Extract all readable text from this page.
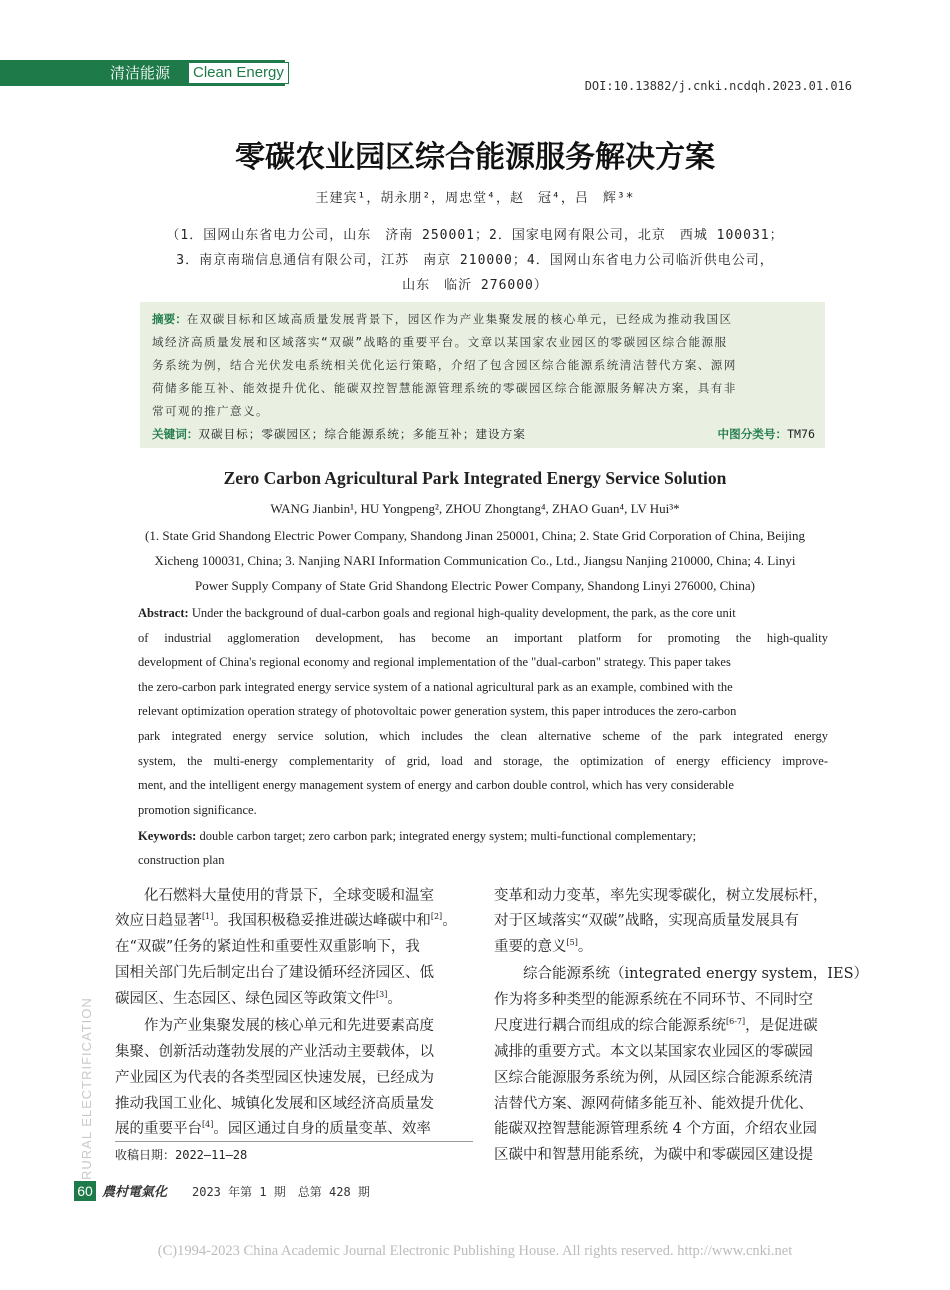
清洁能源	Clean Energy
DOI:10.13882/j.cnki.ncdqh.2023.01.016
零碳农业园区综合能源服务解决方案
王建宾¹，胡永朋²，周忠堂⁴，赵　冠⁴，吕　辉³*
（1．国网山东省电力公司，山东　济南 250001；2．国家电网有限公司，北京　西城 100031；
3．南京南瑞信息通信有限公司，江苏　南京 210000；4．国网山东省电力公司临沂供电公司，
山东　临沂 276000）
摘要：在双碳目标和区域高质量发展背景下，园区作为产业集聚发展的核心单元，已经成为推动我国区
域经济高质量发展和区域落实“双碳”战略的重要平台。文章以某国家农业园区的零碳园区综合能源服
务系统为例，结合光伏发电系统相关优化运行策略，介绍了包含园区综合能源系统清洁替代方案、源网
荷储多能互补、能效提升优化、能碳双控智慧能源管理系统的零碳园区综合能源服务解决方案，具有非
常可观的推广意义。
关键词：双碳目标；零碳园区；综合能源系统；多能互补；建设方案	中图分类号：TM76
Zero Carbon Agricultural Park Integrated Energy Service Solution
WANG Jianbin¹, HU Yongpeng², ZHOU Zhongtang⁴, ZHAO Guan⁴, LV Hui³*
(1. State Grid Shandong Electric Power Company, Shandong Jinan 250001, China; 2. State Grid Corporation of China, Beijing
Xicheng 100031, China; 3. Nanjing NARI Information Communication Co., Ltd., Jiangsu Nanjing 210000, China; 4. Linyi
Power Supply Company of State Grid Shandong Electric Power Company, Shandong Linyi 276000, China)
Abstract: Under the background of dual-carbon goals and regional high-quality development, the park, as the core unit
of industrial agglomeration development, has become an important platform for promoting the high-quality
development of China's regional economy and regional implementation of the "dual-carbon" strategy. This paper takes
the zero-carbon park integrated energy service system of a national agricultural park as an example, combined with the
relevant optimization operation strategy of photovoltaic power generation system, this paper introduces the zero-carbon
park integrated energy service solution, which includes the clean alternative scheme of the park integrated energy
system, the multi-energy complementarity of grid, load and storage, the optimization of energy efficiency improve-
ment, and the intelligent energy management system of energy and carbon double control, which has very considerable
promotion significance.
Keywords: double carbon target; zero carbon park; integrated energy system; multi-functional complementary;
construction plan
化石燃料大量使用的背景下，全球变暖和温室
效应日趋显著[1]。我国积极稳妥推进碳达峰碳中和[2]。
在“双碳”任务的紧迫性和重要性双重影响下，我
国相关部门先后制定出台了建设循环经济园区、低
碳园区、生态园区、绿色园区等政策文件[3]。
作为产业集聚发展的核心单元和先进要素高度
集聚、创新活动蓬勃发展的产业活动主要载体，以
产业园区为代表的各类型园区快速发展，已经成为
推动我国工业化、城镇化发展和区域经济高质量发
展的重要平台[4]。园区通过自身的质量变革、效率
变革和动力变革，率先实现零碳化，树立发展标杆，
对于区域落实“双碳”战略，实现高质量发展具有
重要的意义[5]。
综合能源系统（integrated energy system，IES）
作为将多种类型的能源系统在不同环节、不同时空
尺度进行耦合而组成的综合能源系统[6-7]，是促进碳
减排的重要方式。本文以某国家农业园区的零碳园
区综合能源服务系统为例，从园区综合能源系统清
洁替代方案、源网荷储多能互补、能效提升优化、
能碳双控智慧能源管理系统 4 个方面，介绍农业园
区碳中和智慧用能系统，为碳中和零碳园区建设提
收稿日期：2022—11—28
RURAL ELECTRIFICATION
60 農村電氣化 2023 年第 1 期　总第 428 期
(C)1994-2023 China Academic Journal Electronic Publishing House. All rights reserved. http://www.cnki.net
